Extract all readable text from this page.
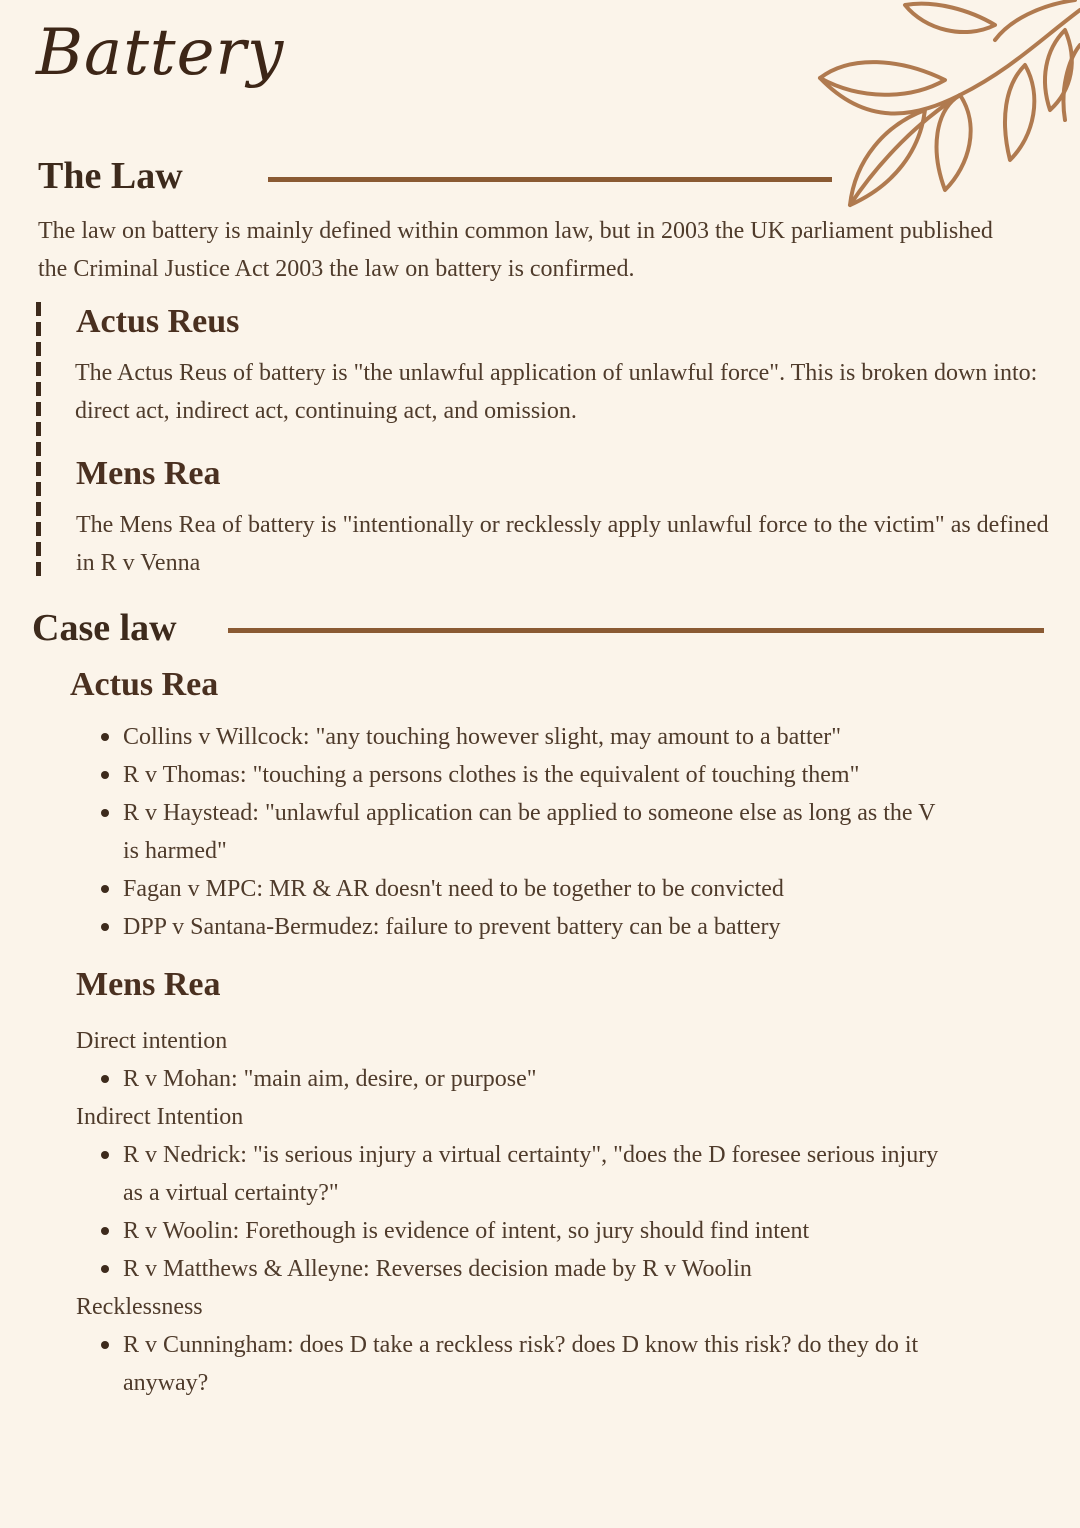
Battery
The Law
The law on battery is mainly defined within common law, but in 2003 the UK parliament published the Criminal Justice Act 2003 the law on battery is confirmed.
Actus Reus
The Actus Reus of battery is "the unlawful application of unlawful force". This is broken down into: direct act, indirect act, continuing act, and omission.
Mens Rea
The Mens Rea of battery is "intentionally or recklessly apply unlawful force to the victim" as defined in R v Venna
Case law
Actus Rea
Collins v Willcock: "any touching however slight, may amount to a batter"
R v Thomas: "touching a persons clothes is the equivalent of touching them"
R v Haystead: "unlawful application can be applied to someone else as long as the V is harmed"
Fagan v MPC: MR & AR doesn't need to be together to be convicted
DPP v Santana-Bermudez: failure to prevent battery can be a battery
Mens Rea
Direct intention
R v Mohan: "main aim, desire, or purpose"
Indirect Intention
R v Nedrick: "is serious injury a virtual certainty", "does the D foresee serious injury as a virtual certainty?"
R v Woolin: Forethough is evidence of intent, so jury should find intent
R v Matthews & Alleyne: Reverses decision made by R v Woolin
Recklessness
R v Cunningham: does D take a reckless risk? does D know this risk? do they do it anyway?
